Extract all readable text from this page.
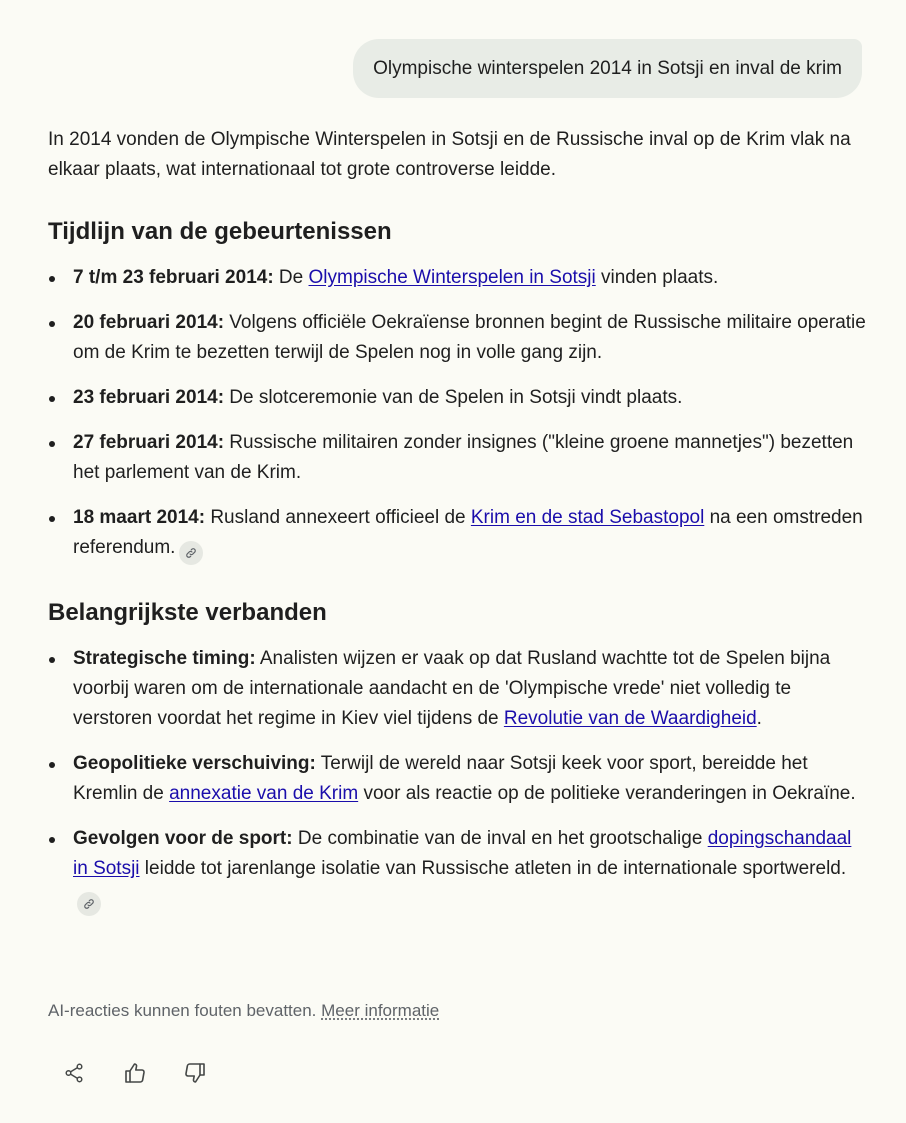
Olympische winterspelen 2014 in Sotsji en inval de krim

In 2014 vonden de Olympische Winterspelen in Sotsji en de Russische inval op de Krim vlak na elkaar plaats, wat internationaal tot grote controverse leidde.

Tijdlijn van de gebeurtenissen
7 t/m 23 februari 2014: De Olympische Winterspelen in Sotsji vinden plaats.
20 februari 2014: Volgens officiële Oekraïense bronnen begint de Russische militaire operatie om de Krim te bezetten terwijl de Spelen nog in volle gang zijn.
23 februari 2014: De slotceremonie van de Spelen in Sotsji vindt plaats.
27 februari 2014: Russische militairen zonder insignes ("kleine groene mannetjes") bezetten het parlement van de Krim.
18 maart 2014: Rusland annexeert officieel de Krim en de stad Sebastopol na een omstreden referendum.
Belangrijkste verbanden
Strategische timing: Analisten wijzen er vaak op dat Rusland wachtte tot de Spelen bijna voorbij waren om de internationale aandacht en de 'Olympische vrede' niet volledig te verstoren voordat het regime in Kiev viel tijdens de Revolutie van de Waardigheid.
Geopolitieke verschuiving: Terwijl de wereld naar Sotsji keek voor sport, bereidde het Kremlin de annexatie van de Krim voor als reactie op de politieke veranderingen in Oekraïne.
Gevolgen voor de sport: De combinatie van de inval en het grootschalige dopingschandaal in Sotsji leidde tot jarenlange isolatie van Russische atleten in de internationale sportwereld.
AI-reacties kunnen fouten bevatten. Meer informatie
